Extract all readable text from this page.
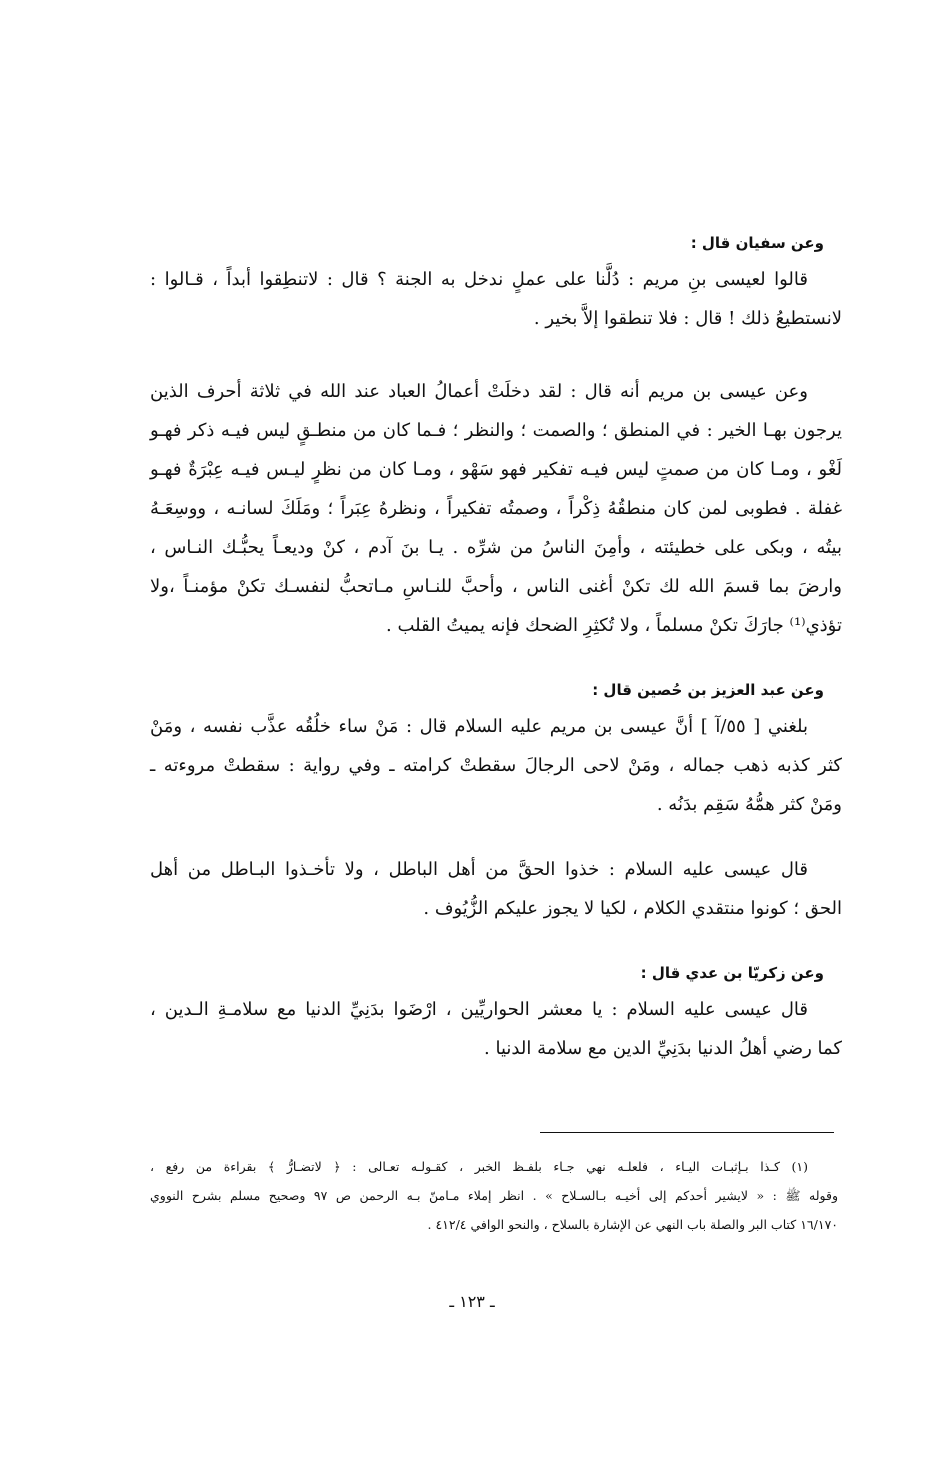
وعن سفيان قال :
قالوا لعيسى بنِ مريم : دُلَّنا على عملٍ ندخل به الجنة ؟ قال : لاتنطِقوا أبداً ، قـالوا :
لانستطيعُ ذلك ! قال : فلا تنطقوا إلاَّ بخير .
وعن عيسى بن مريم أنه قال : لقد دخلَتْ أعمالُ العباد عند الله في ثلاثة أحرف الذين
يرجون بهـا الخير : في المنطق ؛ والصمت ؛ والنظر ؛ فـما كان من منطـقٍ ليس فيـه ذكر فهـو
لَغْو ، ومـا كان من صمتٍ ليس فيـه تفكير فهو سَهْو ، ومـا كان من نظرٍ ليـس فيـه عِبْرَةٌ فهـو
غفلة . فطوبى لمن كان منطقُهُ ذِكْراً ، وصمتُه تفكيراً ، ونظرهُ عِبَراً ؛ ومَلَكَ لسانـه ، ووسِعَـهُ
بيتُه ، وبكى على خطيئته ، وأمِنَ الناسُ من شرِّه . يـا بنَ آدم ، كنْ وديعـاً يحبُّـك النـاس ،
وارضَ بما قسمَ الله لك تكنْ أغنى الناس ، وأحبَّ للنـاسِ مـاتحبُّ لنفسـك تكنْ مؤمنـاً ،ولا
تؤذي⁽¹⁾ جارَكَ تكنْ مسلماً ، ولا تُكثِرِ الضحك فإنه يميتُ القلب .
وعن عبد العزيز بن حُصين قال :
بلغني [ ٥٥/آ ] أنَّ عيسى بن مريم عليه السلام قال : مَنْ ساء خلُقُه عذَّب نفسه ، ومَنْ
كثر كذبه ذهب جماله ، ومَنْ لاحى الرجالَ سقطتْ كرامته ـ وفي رواية : سقطتْ مروءته ـ
ومَنْ كثر همُّهُ سَقِم بدَنُه .
قال عيسى عليه السلام : خذوا الحقَّ من أهل الباطل ، ولا تأخـذوا البـاطل من أهل
الحق ؛ كونوا منتقدي الكلام ، لكيا لا يجوز عليكم الزُّيُوف .
وعن زكريّا بن عدي قال :
قال عيسى عليه السلام : يا معشر الحواريِّين ، ارْضَوا بدَنِيِّ الدنيا مع سلامـةِ الـدين ،
كما رضي أهلُ الدنيا بدَنِيِّ الدين مع سلامة الدنيا .
(١) كـذا بـإثبـات اليـاء ، فلعلـه نهي جـاء بلفـظ الخبر ، كقـولـه تعـالى : ﴿ لاتضـارُّ ﴾ بقراءة من رفع ،
وقوله ﷺ : « لايشير أحدكم إلى أخيـه بـالسـلاح » . انظر إملاء مـامنّ بـه الرحمن ص ٩٧ وصحيح مسلم بشرح النووي
١٦/١٧٠ كتاب البر والصلة باب النهي عن الإشارة بالسلاح ، والنحو الوافي ٤١٢/٤ .
ـ ١٢٣ ـ
